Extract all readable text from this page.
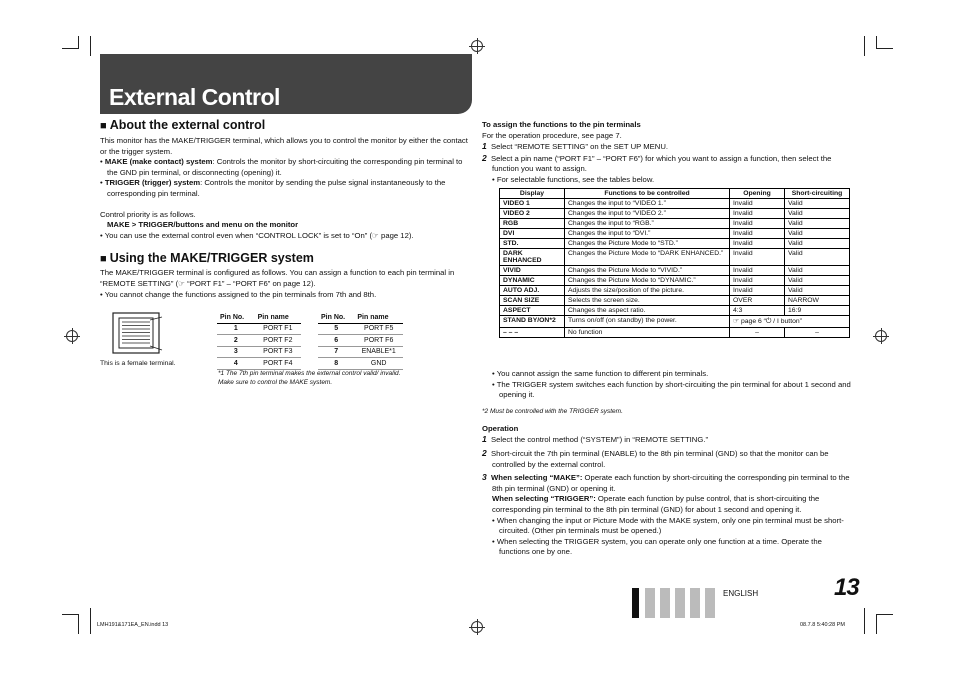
External Control
■ About the external control
This monitor has the MAKE/TRIGGER terminal, which allows you to control the monitor by either the contact or the trigger system.
• MAKE (make contact) system: Controls the monitor by short-circuiting the corresponding pin terminal to the GND pin terminal, or disconnecting (opening) it.
• TRIGGER (trigger) system: Controls the monitor by sending the pulse signal instantaneously to the corresponding pin terminal.
Control priority is as follows.
MAKE > TRIGGER/buttons and menu on the monitor
• You can use the external control even when “CONTROL LOCK” is set to “On” (☞ page 12).
■ Using the MAKE/TRIGGER system
The MAKE/TRIGGER terminal is configured as follows. You can assign a function to each pin terminal in “REMOTE SETTING” (☞ “PORT F1” – “PORT F6” on page 12).
• You cannot change the functions assigned to the pin terminals from 7th and 8th.
This is a female terminal.
Pin No.	Pin name
1	PORT F1
2	PORT F2
3	PORT F3
4	PORT F4
Pin No.	Pin name
5	PORT F5
6	PORT F6
7	ENABLE*1
8	GND
*1 The 7th pin terminal makes the external control valid/ invalid. Make sure to control the MAKE system.
To assign the functions to the pin terminals
For the operation procedure, see page 7.
1 Select “REMOTE SETTING” on the SET UP MENU.
2 Select a pin name (“PORT F1” – “PORT F6”) for which you want to assign a function, then select the function you want to assign.
• For selectable functions, see the tables below.
Display	Functions to be controlled	Opening	Short-circuiting
VIDEO 1	Changes the input to “VIDEO 1.”	Invalid	Valid
VIDEO 2	Changes the input to “VIDEO 2.”	Invalid	Valid
RGB	Changes the input to “RGB.”	Invalid	Valid
DVI	Changes the input to “DVI.”	Invalid	Valid
STD.	Changes the Picture Mode to “STD.”	Invalid	Valid
DARK ENHANCED	Changes the Picture Mode to “DARK ENHANCED.”	Invalid	Valid
VIVID	Changes the Picture Mode to “VIVID.”	Invalid	Valid
DYNAMIC	Changes the Picture Mode to “DYNAMIC.”	Invalid	Valid
AUTO ADJ.	Adjusts the size/position of the picture.	Invalid	Valid
SCAN SIZE	Selects the screen size.	OVER	NARROW
ASPECT	Changes the aspect ratio.	4:3	16:9
STAND BY/ON*2	Turns on/off (on standby) the power.	☞ page 6 “⏻ / I button”	
– – –	No function	–	–
• You cannot assign the same function to different pin terminals.
• The TRIGGER system switches each function by short-circuiting the pin terminal for about 1 second and opening it.
*2 Must be controlled with the TRIGGER system.
Operation
1 Select the control method (“SYSTEM”) in “REMOTE SETTING.”
2 Short-circuit the 7th pin terminal (ENABLE) to the 8th pin terminal (GND) so that the monitor can be controlled by the external control.
3 When selecting “MAKE”: Operate each function by short-circuiting the corresponding pin terminal to the 8th pin terminal (GND) or opening it.
When selecting “TRIGGER”: Operate each function by pulse control, that is short-circuiting the corresponding pin terminal to the 8th pin terminal (GND) for about 1 second and opening it.
• When changing the input or Picture Mode with the MAKE system, only one pin terminal must be short-circuited. (Other pin terminals must be opened.)
• When selecting the TRIGGER system, you can operate only one function at a time. Operate the functions one by one.
ENGLISH	13
LMH191&171EA_EN.indd 13	08.7.8 5:40:28 PM
